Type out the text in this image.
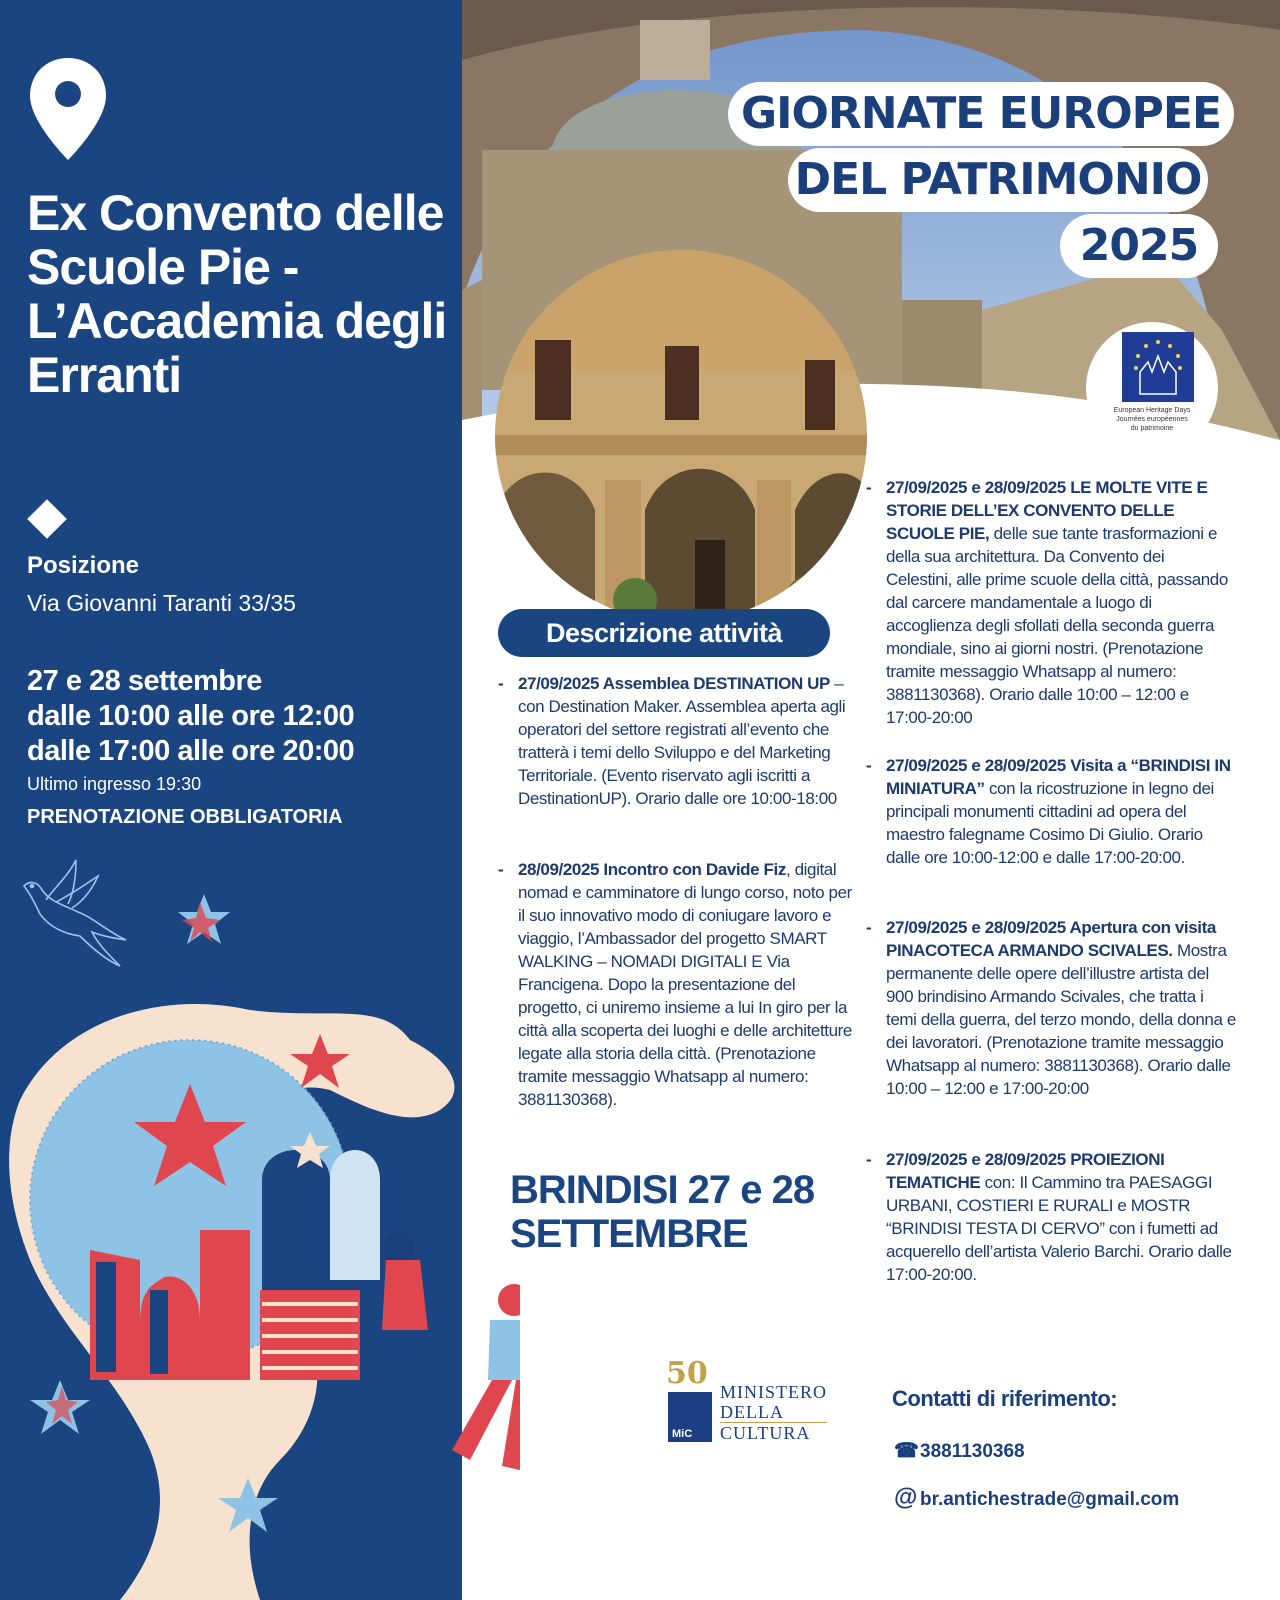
Ex Convento delle Scuole Pie - L’Accademia degli Erranti
Posizione
Via Giovanni Taranti 33/35
27 e 28 settembre
dalle 10:00 alle ore 12:00
dalle 17:00 alle ore 20:00
Ultimo ingresso 19:30
PRENOTAZIONE OBBLIGATORIA
GIORNATE EUROPEE
DEL PATRIMONIO
2025
European Heritage Days
Journées européennes
du patrimoine
Descrizione attività
- 27/09/2025 Assemblea DESTINATION UP – con Destination Maker. Assemblea aperta agli operatori del settore registrati all’evento che tratterà i temi dello Sviluppo e del Marketing Territoriale. (Evento riservato agli iscritti a DestinationUP). Orario dalle ore 10:00-18:00
- 28/09/2025 Incontro con Davide Fiz, digital nomad e camminatore di lungo corso, noto per il suo innovativo modo di coniugare lavoro e viaggio, l’Ambassador del progetto SMART WALKING – NOMADI DIGITALI E Via Francigena. Dopo la presentazione del progetto, ci uniremo insieme a lui In giro per la città alla scoperta dei luoghi e delle architetture legate alla storia della città. (Prenotazione tramite messaggio Whatsapp al numero: 3881130368).
- 27/09/2025 e 28/09/2025 LE MOLTE VITE E STORIE DELL’EX CONVENTO DELLE SCUOLE PIE, delle sue tante trasformazioni e della sua architettura. Da Convento dei Celestini, alle prime scuole della città, passando dal carcere mandamentale a luogo di accoglienza degli sfollati della seconda guerra mondiale, sino ai giorni nostri. (Prenotazione tramite messaggio Whatsapp al numero: 3881130368). Orario dalle 10:00 – 12:00 e 17:00-20:00
- 27/09/2025 e 28/09/2025 Visita a “BRINDISI IN MINIATURA” con la ricostruzione in legno dei principali monumenti cittadini ad opera del maestro falegname Cosimo Di Giulio. Orario dalle ore 10:00-12:00 e dalle 17:00-20:00.
- 27/09/2025 e 28/09/2025 Apertura con visita PINACOTECA ARMANDO SCIVALES. Mostra permanente delle opere dell’illustre artista del 900 brindisino Armando Scivales, che tratta i temi della guerra, del terzo mondo, della donna e dei lavoratori. (Prenotazione tramite messaggio Whatsapp al numero: 3881130368). Orario dalle 10:00 – 12:00 e 17:00-20:00
- 27/09/2025 e 28/09/2025 PROIEZIONI TEMATICHE con: Il Cammino tra PAESAGGI URBANI, COSTIERI E RURALI e MOSTR “BRINDISI TESTA DI CERVO” con i fumetti ad acquerello dell’artista Valerio Barchi. Orario dalle 17:00-20:00.
BRINDISI 27 e 28
SETTEMBRE
50
MiC
MINISTERO
DELLA
CULTURA
Contatti di riferimento:
☎3881130368
@ br.antichestrade@gmail.com
